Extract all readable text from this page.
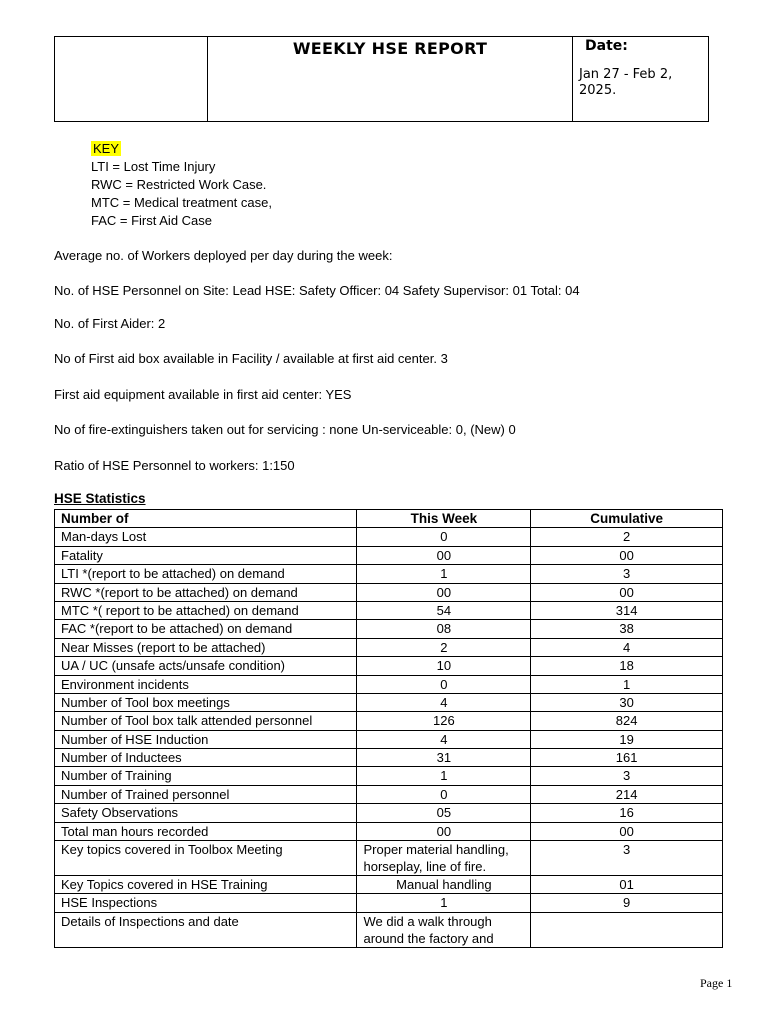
WEEKLY HSE REPORT	Date:
Jan 27 - Feb 2, 2025.
KEY
LTI = Lost Time Injury
RWC = Restricted Work Case.
MTC = Medical treatment case,
FAC = First Aid Case
Average no. of Workers deployed per day during the week:
No. of HSE Personnel on Site: Lead HSE: Safety Officer: 04 Safety Supervisor: 01 Total: 04
No. of First Aider: 2
No of First aid box available in Facility / available at first aid center. 3
First aid equipment available in first aid center: YES
No of fire-extinguishers taken out for servicing : none Un-serviceable: 0, (New) 0
Ratio of HSE Personnel to workers: 1:150
HSE Statistics
Number of	This Week	Cumulative
Man-days Lost	0	2
Fatality	00	00
LTI *(report to be attached) on demand	1	3
RWC *(report to be attached) on demand	00	00
MTC *( report to be attached) on demand	54	314
FAC *(report to be attached) on demand	08	38
Near Misses (report to be attached)	2	4
UA / UC (unsafe acts/unsafe condition)	10	18
Environment incidents	0	1
Number of Tool box meetings	4	30
Number of Tool box talk attended personnel	126	824
Number of HSE Induction	4	19
Number of Inductees	31	161
Number of Training	1	3
Number of Trained personnel	0	214
Safety Observations	05	16
Total man hours recorded	00	00
Key topics covered in Toolbox Meeting	Proper material handling, horseplay, line of fire.	3
Key Topics covered in HSE Training	Manual handling	01
HSE Inspections	1	9
Details of Inspections and date	We did a walk through around the factory and	
Page 1
